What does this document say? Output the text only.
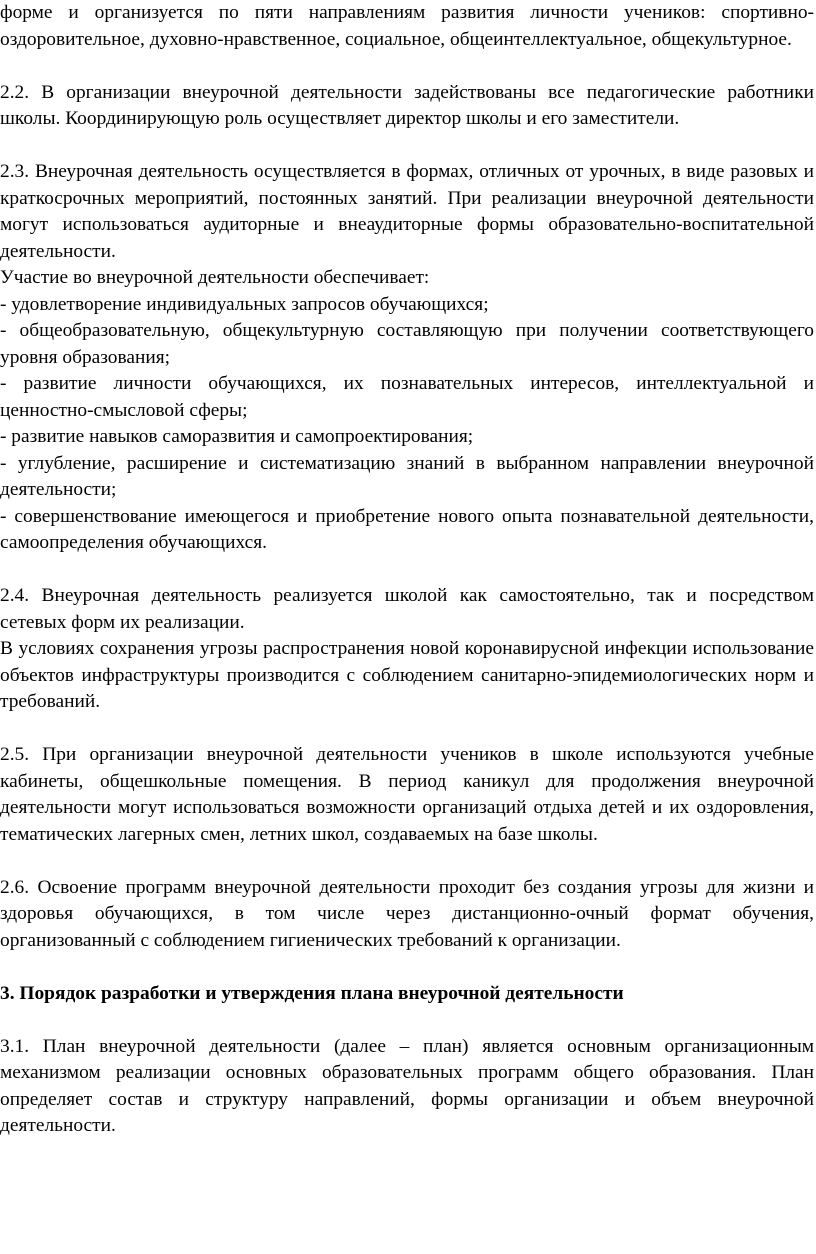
форме и организуется по пяти направлениям развития личности учеников: спортивно-оздоровительное, духовно-нравственное, социальное, общеинтеллектуальное, общекультурное.

2.2. В организации внеурочной деятельности задействованы все педагогические работники школы. Координирующую роль осуществляет директор школы и его заместители.

2.3. Внеурочная деятельность осуществляется в формах, отличных от урочных, в виде разовых и краткосрочных мероприятий, постоянных занятий. При реализации внеурочной деятельности могут использоваться аудиторные и внеаудиторные формы образовательно-воспитательной деятельности.

Участие во внеурочной деятельности обеспечивает:

- удовлетворение индивидуальных запросов обучающихся;

- общеобразовательную, общекультурную составляющую при получении соответствующего уровня образования;

- развитие личности обучающихся, их познавательных интересов, интеллектуальной и ценностно-смысловой сферы;

- развитие навыков саморазвития и самопроектирования;

- углубление, расширение и систематизацию знаний в выбранном направлении внеурочной деятельности;

- совершенствование имеющегося и приобретение нового опыта познавательной деятельности, самоопределения обучающихся.

2.4. Внеурочная деятельность реализуется школой как самостоятельно, так и посредством сетевых форм их реализации.

В условиях сохранения угрозы распространения новой коронавирусной инфекции использование объектов инфраструктуры производится с соблюдением санитарно-эпидемиологических норм и требований.

2.5. При организации внеурочной деятельности учеников в школе используются учебные кабинеты, общешкольные помещения. В период каникул для продолжения внеурочной деятельности могут использоваться возможности организаций отдыха детей и их оздоровления, тематических лагерных смен, летних школ, создаваемых на базе школы.

2.6. Освоение программ внеурочной деятельности проходит без создания угрозы для жизни и здоровья обучающихся, в том числе через дистанционно-очный формат обучения, организованный с соблюдением гигиенических требований к организации.

3. Порядок разработки и утверждения плана внеурочной деятельности

3.1. План внеурочной деятельности (далее – план) является основным организационным механизмом реализации основных образовательных программ общего образования. План определяет состав и структуру направлений, формы организации и объем внеурочной деятельности.
